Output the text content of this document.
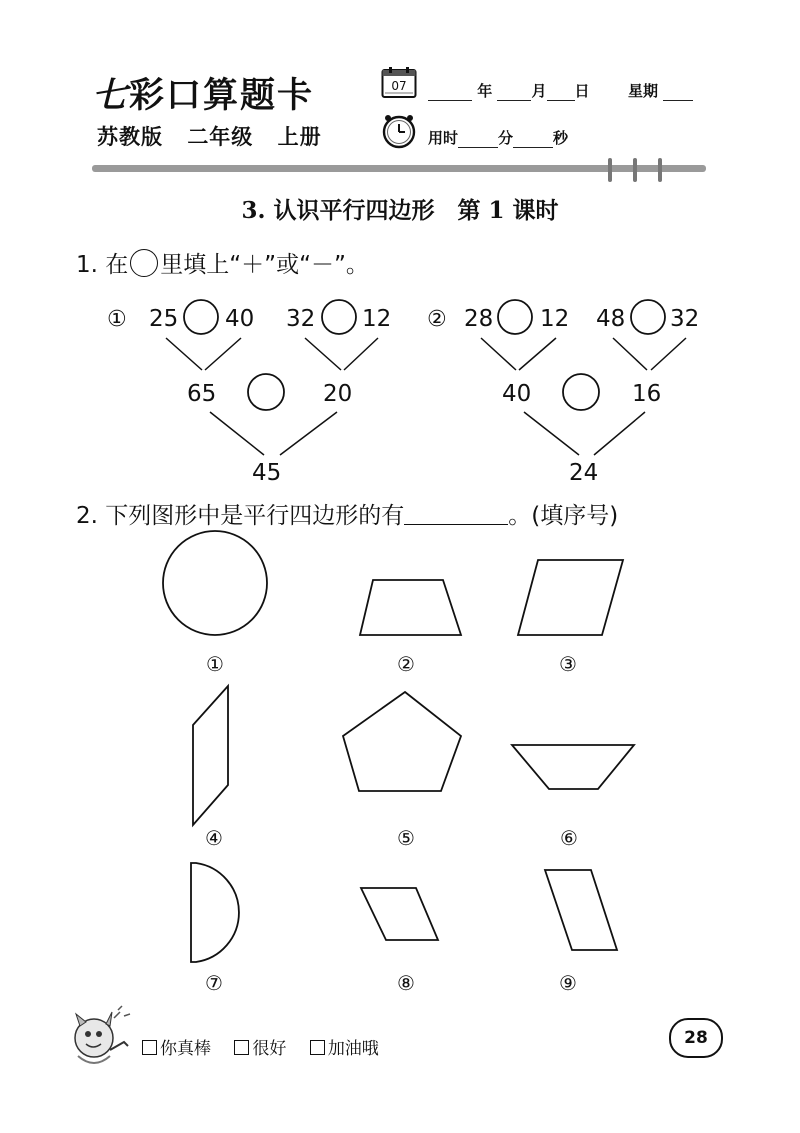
七彩口算题卡
苏教版 二年级 上册
07	年	月 日	星期
用时	分	秒
3. 认识平行四边形　第 1 课时
1. 在 里填上“＋”或“－”。
① 25 40 32 12
65	20
45
② 28 12 48 32
40	16
24
2. 下列图形中是平行四边形的有	。(填序号)
①	②	③
④	⑤	⑥
⑦	⑧	⑨
你真棒 很好 加油哦
28
